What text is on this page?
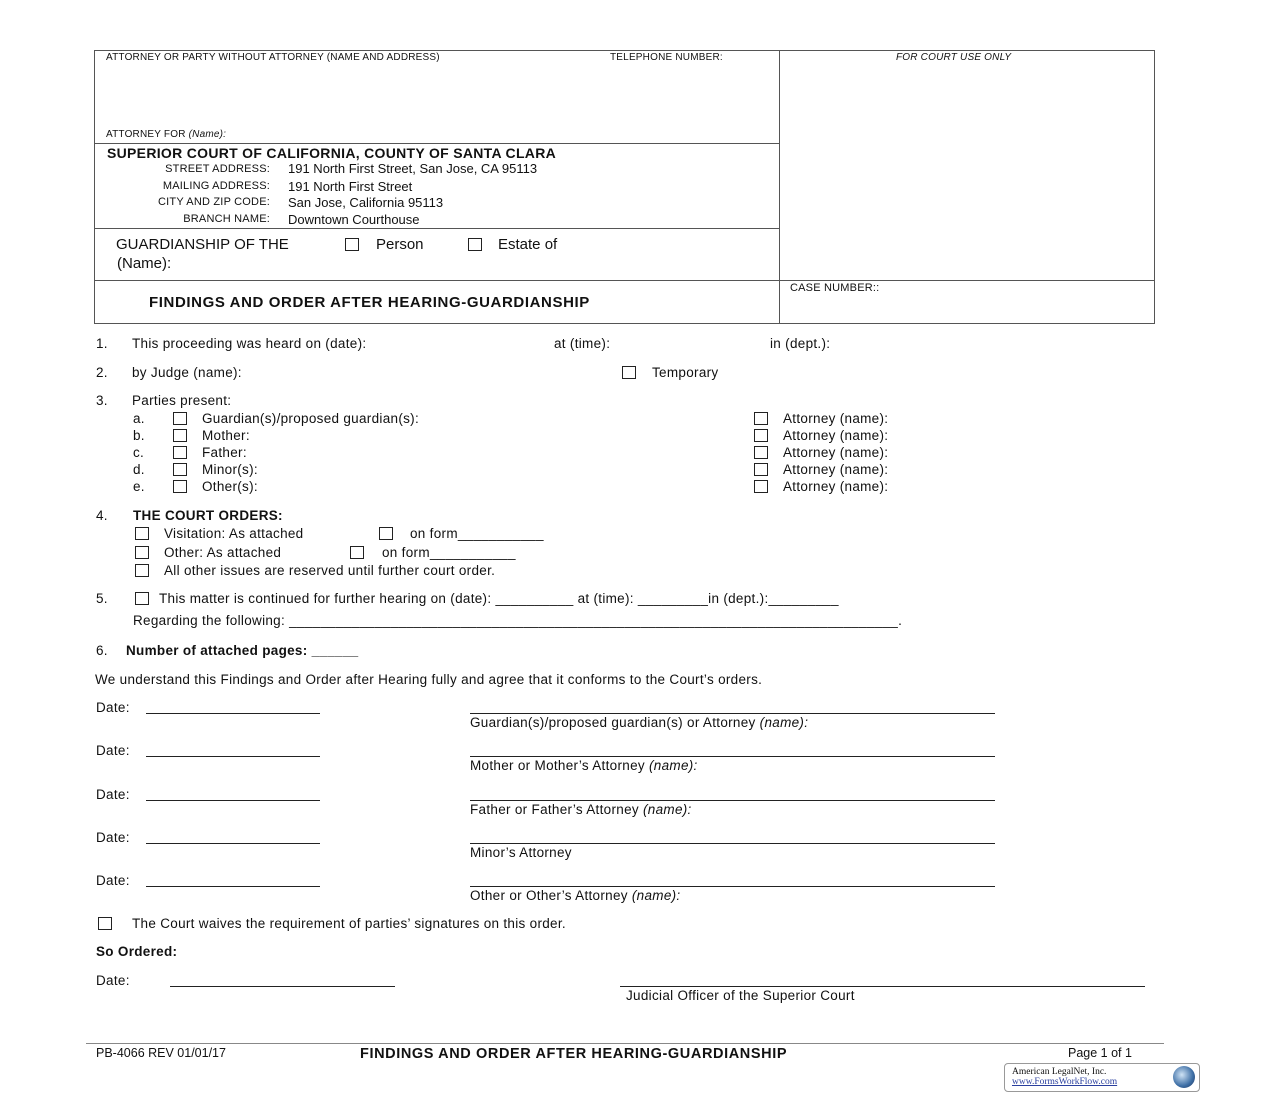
ATTORNEY OR PARTY WITHOUT ATTORNEY (NAME AND ADDRESS)	TELEPHONE NUMBER:	FOR COURT USE ONLY
ATTORNEY FOR (Name):
SUPERIOR COURT OF CALIFORNIA, COUNTY OF SANTA CLARA
STREET ADDRESS: 191 North First Street, San Jose, CA 95113
MAILING ADDRESS: 191 North First Street
CITY AND ZIP CODE: San Jose, California 95113
BRANCH NAME: Downtown Courthouse
GUARDIANSHIP OF THE	Person	Estate of
(Name):
FINDINGS AND ORDER AFTER HEARING-GUARDIANSHIP
CASE NUMBER::
1. This proceeding was heard on (date):	at (time):	in (dept.):
2. by Judge (name):	Temporary
3. Parties present:
a.	Guardian(s)/proposed guardian(s):	Attorney (name):
b.	Mother:	Attorney (name):
c.	Father:	Attorney (name):
d.	Minor(s):	Attorney (name):
e.	Other(s):	Attorney (name):
4. THE COURT ORDERS:
Visitation: As attached	on form___________
Other: As attached	on form___________
All other issues are reserved until further court order.
5.	This matter is continued for further hearing on (date): __________ at (time): _________in (dept.):_________
Regarding the following: ______________________________________________________________________________.
6. Number of attached pages: ______
We understand this Findings and Order after Hearing fully and agree that it conforms to the Court’s orders.
Date:
Guardian(s)/proposed guardian(s) or Attorney (name):
Date:
Mother or Mother’s Attorney (name):
Date:
Father or Father’s Attorney (name):
Date:
Minor’s Attorney
Date:
Other or Other’s Attorney (name):
The Court waives the requirement of parties’ signatures on this order.
So Ordered:
Date:
Judicial Officer of the Superior Court
PB-4066 REV 01/01/17	FINDINGS AND ORDER AFTER HEARING-GUARDIANSHIP	Page 1 of 1
American LegalNet, Inc.
www.FormsWorkFlow.com
